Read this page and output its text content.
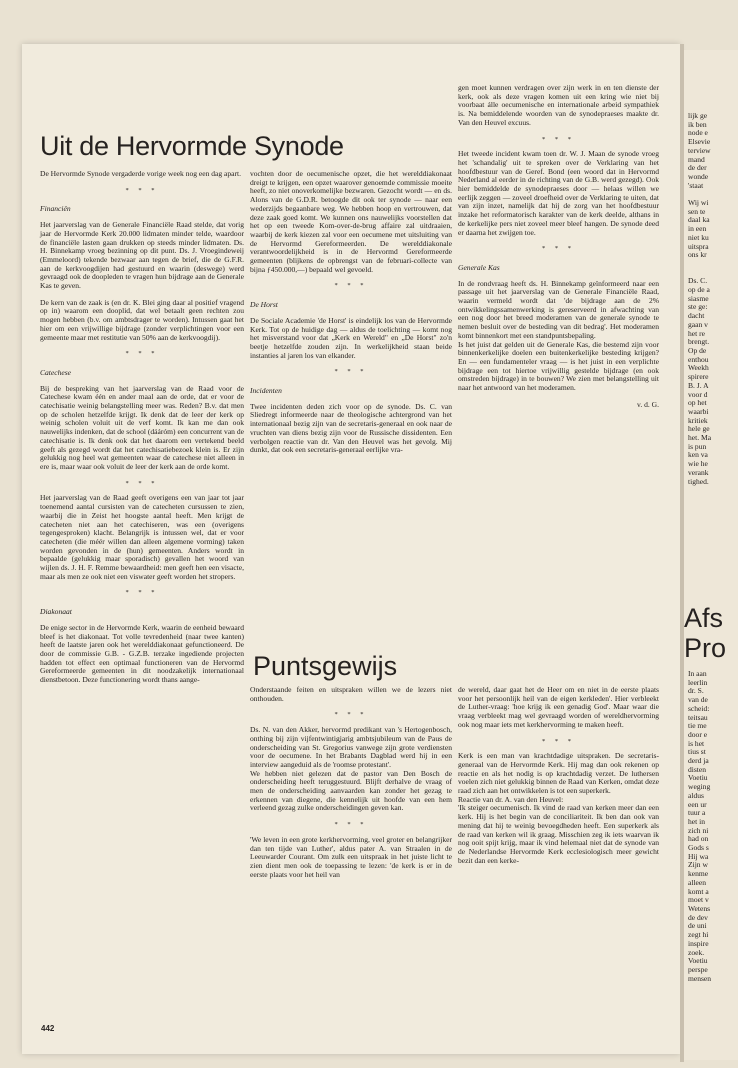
Uit de Hervormde Synode

De Hervormde Synode vergaderde vorige week nog een dag apart.

* * *
Financiën

Het jaarverslag van de Generale Financiële Raad stelde, dat vorig jaar de Hervormde Kerk 20.000 lidmaten minder telde, waardoor de financiële lasten gaan drukken op steeds minder lidmaten. Ds. H. Binnekamp vroeg bezinning op dit punt. Ds. J. Vroegindeweij (Emmeloord) tekende bezwaar aan tegen de brief, die de G.F.R. aan de kerkvoogdijen had gestuurd en waarin (deswege) werd gevraagd ook de doopleden te vragen hun bijdrage aan de Generale Kas te geven.

De kern van de zaak is (en dr. K. Blei ging daar al positief vragend op in) waarom een dooplid, dat wel betaalt geen rechten zou mogen hebben (b.v. om ambtsdrager te worden). Intussen gaat het hier om een vrijwillige bijdrage (zonder verplichtingen voor een gemeente maar met restitutie van 50% aan de kerkvoogdij).

* * *
Catechese

Bij de bespreking van het jaarverslag van de Raad voor de Catechese kwam één en ander maal aan de orde, dat er voor de catechisatie weinig belangstelling meer was. Reden? B.v. dat men op de scholen hetzelfde krijgt. Ik denk dat de leer der kerk op weinig scholen voluit uit de verf komt. Ik kan me dan ook nauwelijks indenken, dat de school (dááróm) een concurrent van de catechisatie is. Ik denk ook dat het daarom een vertekend beeld geeft als gezegd wordt dat het catechisatiebezoek klein is. Er zijn gelukkig nog heel wat gemeenten waar de catechese niet alleen in ere is, maar waar ook voluit de leer der kerk aan de orde komt.

* * *

Het jaarverslag van de Raad geeft overigens een van jaar tot jaar toenemend aantal cursisten van de catecheten cursussen te zien, waarbij die in Zeist het hoogste aantal heeft. Men krijgt de catecheten niet aan het catechiseren, was een (overigens tegengesproken) klacht. Belangrijk is intussen wel, dat er voor catecheten (die méér willen dan alleen algemene vorming) taken worden gevonden in de (hun) gemeenten. Anders wordt in bepaalde (gelukkig maar sporadisch) gevallen het woord van wijlen ds. J. H. F. Remme bewaardheid: men geeft hen een visacte, maar als men ze ook niet een viswater geeft worden het stropers.

* * *
Diakonaat

De enige sector in de Hervormde Kerk, waarin de eenheid bewaard bleef is het diakonaat. Tot volle tevredenheid (naar twee kanten) heeft de laatste jaren ook het werelddiakonaat gefunctioneerd. De door de commissie G.B. - G.Z.B. terzake ingediende projecten hadden tot effect een optimaal functioneren van de Hervormd Gereformeerde gemeenten in dit noodzakelijk internationaal dienstbetoon. Deze functionering wordt thans aange-

vochten door de oecumenische opzet, die het werelddiakonaat dreigt te krijgen, een opzet waarover genoemde commissie moeite heeft, zo niet onoverkomelijke bezwaren. Gezocht wordt — en ds. Alons van de G.D.R. betoogde dit ook ter synode — naar een wederzijds begaanbare weg. We hebben hoop en vertrouwen, dat deze zaak goed komt. We kunnen ons nauwelijks voorstellen dat het op een tweede Kom-over-de-brug affaire zal uitdraaien, waarbij de kerk kiezen zal voor een oecumene met uitsluiting van de Hervormd Gereformeerden. De werelddiakonale verantwoordelijkheid is in de Hervormd Gereformeerde gemeenten (blijkens de opbrengst van de februari-collecte van bijna ƒ450.000,—) bepaald wel gevoeld.

* * *
De Horst

De Sociale Academie 'de Horst' is eindelijk los van de Hervormde Kerk. Tot op de huidige dag — aldus de toelichting — komt nog het misverstand voor dat „Kerk en Wereld" en „De Horst" zo'n beetje hetzelfde zouden zijn. In werkelijkheid staan beide instanties al jaren los van elkander.

* * *
Incidenten

Twee incidenten deden zich voor op de synode. Ds. C. van Sliedregt informeerde naar de theologische achtergrond van het internationaal bezig zijn van de secretaris-generaal en ook naar de vruchten van diens bezig zijn voor de Russische dissidenten. Een verbolgen reactie van dr. Van den Heuvel was het gevolg. Mij dunkt, dat ook een secretaris-generaal eerlijke vra-

gen moet kunnen verdragen over zijn werk in en ten dienste der kerk, ook als deze vragen komen uit een kring wie niet bij voorbaat álle oecumenische en internationale arbeid sympathiek is. Na bemiddelende woorden van de synodepraeses maakte dr. Van den Heuvel excuus.

* * *

Het tweede incident kwam toen dr. W. J. Maan de synode vroeg het 'schandalig' uit te spreken over de Verklaring van het hoofdbestuur van de Geref. Bond (een woord dat in Hervormd Nederland al eerder in de richting van de G.B. werd gezegd). Ook hier bemiddelde de synodepraeses door — helaas willen we eerlijk zeggen — zoveel droefheid over de Verklaring te uiten, dat van zijn inzet, namelijk dat hij de zorg van het hoofdbestuur inzake het reformatorisch karakter van de kerk deelde, althans in de kerkelijke pers niet zoveel meer bleef hangen. De synode deed er daarna het zwijgen toe.

* * *
Generale Kas

In de rondvraag heeft ds. H. Binnekamp geïnformeerd naar een passage uit het jaarverslag van de Generale Financiële Raad, waarin vermeld wordt dat 'de bijdrage aan de 2% ontwikkelingssamenwerking is gereserveerd in afwachting van een nog door het breed moderamen van de generale synode te nemen besluit over de besteding van dit bedrag'. Het moderamen komt binnenkort met een standpuntsbepaling.

Is het juist dat gelden uit de Generale Kas, die bestemd zijn voor binnenkerkelijke doelen een buitenkerkelijke besteding krijgen? En — een fundamenteler vraag — is het juist in een verplichte bijdrage een tot hiertoe vrijwillig gestelde bijdrage (en ook omstreden bijdrage) in te bouwen? We zien met belangstelling uit naar het antwoord van het moderamen.

v. d. G.
Puntsgewijs

Onderstaande feiten en uitspraken willen we de lezers niet onthouden.

* * *

Ds. N. van den Akker, hervormd predikant van 's Hertogenbosch, onthing bij zijn vijfentwintigjarig ambtsjubileum van de Paus de onderscheiding van St. Gregorius vanwege zijn grote verdiensten voor de oecumene. In het Brabants Dagblad werd hij in een interview aangeduid als de 'roomse protestant'.

We hebben niet gelezen dat de pastor van Den Bosch de onderscheiding heeft teruggestuurd. Blijft derhalve de vraag of men de onderscheiding aanvaarden kan zonder het gezag te erkennen van diegene, die kennelijk uit hoofde van een hem verleend gezag zulke onderscheidingen geven kan.

* * *

'We leven in een grote kerkhervorming, veel groter en belangrijker dan ten tijde van Luther', aldus pater A. van Straalen in de Leeuwarder Courant. Om zulk een uitspraak in het juiste licht te zien dient men ook de toepassing te lezen: 'de kerk is er in de eerste plaats voor het heil van

de wereld, daar gaat het de Heer om en niet in de eerste plaats voor het persoonlijk heil van de eigen kerkleden'. Hier verbleekt de Luther-vraag: 'hoe krijg ik een genadig God'. Maar waar die vraag verbleekt mag wel gevraagd worden of wereldhervorming ook nog maar iets met kerkhervorming te maken heeft.

* * *

Kerk is een man van krachtdadige uitspraken. De secretaris-generaal van de Hervormde Kerk. Hij mag dan ook rekenen op reactie en als het nodig is op krachtdadig verzet. De luthersen voelen zich niet gelukkig binnen de Raad van Kerken, omdat deze raad zich aan het ontwikkelen is tot een superkerk.

Reactie van dr. A. van den Heuvel:

'Ik steiger oecumenisch. Ik vind de raad van kerken meer dan een kerk. Hij is het begin van de conciliariteit. Ik ben dan ook van mening dat hij te weinig bevoegdheden heeft. Een superkerk als de raad van kerken wil ik graag. Misschien zeg ik iets waarvan ik nog ooit spijt krijg, maar ik vind helemaal niet dat de synode van de Nederlandse Hervormde Kerk ecclesiologisch meer gewicht bezit dan een kerke-

442
lijk ge
ik ben
node e
Elsevie
terview
mand
de der
wonde
'staat

Wij wi
sen te
daal ka
in een
niet ku
uitspra
ons kr

Ds. C.
op de a
siasme
ste ge:
dacht
gaan v
het re
brengt.
Op de
enthou
Weekh
spirere
B. J. A
voor d
op het
waarbi
kritiek
hele ge
het. Ma
is pun
ken va
wie he
verank
tighed.
Afs
Pro
In aan
leerlin
dr. S.
van de
scheid:
teitsau
tie me
door e
is het
tius st
derd ja
disten
Voetiu
weging
aldus
een ur
tuur a
het in
zich ni
had on
Gods s
Hij wa
Zijn w
kenme
alleen
komt a
moet v
Wetens
de dev
de uni
zegt hi
inspire
zoek.
Voetiu
perspe
mensen
